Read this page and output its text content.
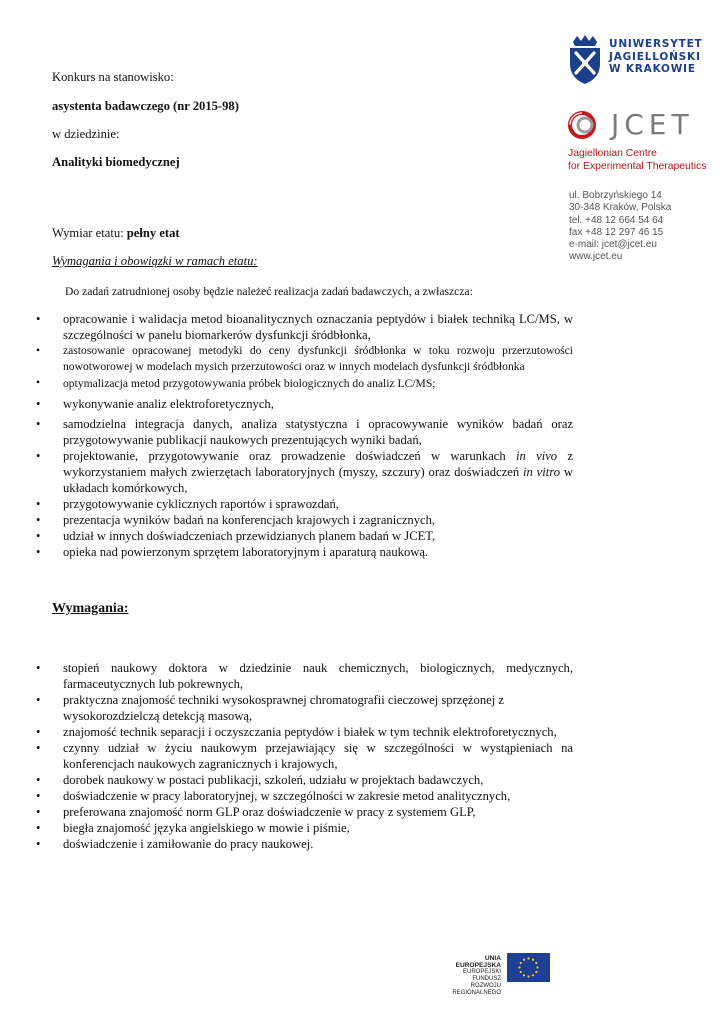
UNIWERSYTET
JAGIELLOŃSKI
W KRAKOWIE
JCET
Jagiellonian Centre
for Experimental Therapeutics
ul. Bobrzyńskiego 14
30-348 Kraków, Polska
tel. +48 12 664 54 64
fax +48 12 297 46 15
e-mail: jcet@jcet.eu
www.jcet.eu
Konkurs na stanowisko:
asystenta badawczego (nr 2015-98)
w dziedzinie:
Analityki biomedycznej
Wymiar etatu: pełny etat
Wymagania i obowiązki w ramach etatu:
Do zadań zatrudnionej osoby będzie należeć realizacja zadań badawczych, a zwłaszcza:
• opracowanie i walidacja metod bioanalitycznych oznaczania peptydów i białek techniką LC/MS, w szczególności w panelu biomarkerów dysfunkcji śródbłonka,
• zastosowanie opracowanej metodyki do ceny dysfunkcji śródbłonka w toku rozwoju przerzutowości nowotworowej w modelach mysich przerzutowości oraz w innych modelach dysfunkcji śródbłonka
• optymalizacja metod przygotowywania próbek biologicznych do analiz LC/MS;
• wykonywanie analiz elektroforetycznych,
• samodzielna integracja danych, analiza statystyczna i opracowywanie wyników badań oraz przygotowywanie publikacji naukowych prezentujących wyniki badań,
• projektowanie, przygotowywanie oraz prowadzenie doświadczeń w warunkach in vivo z wykorzystaniem małych zwierzętach laboratoryjnych (myszy, szczury) oraz doświadczeń in vitro w układach komórkowych,
• przygotowywanie cyklicznych raportów i sprawozdań,
• prezentacja wyników badań na konferencjach krajowych i zagranicznych,
• udział w innych doświadczeniach przewidzianych planem badań w JCET,
• opieka nad powierzonym sprzętem laboratoryjnym i aparaturą naukową.
Wymagania:
• stopień naukowy doktora w dziedzinie nauk chemicznych, biologicznych, medycznych, farmaceutycznych lub pokrewnych,
• praktyczna znajomość techniki wysokosprawnej chromatografii cieczowej sprzężonej z wysokorozdzielczą detekcją masową,
• znajomość technik separacji i oczyszczania peptydów i białek w tym technik elektroforetycznych,
• czynny udział w życiu naukowym przejawiający się w szczególności w wystąpieniach na konferencjach naukowych zagranicznych i krajowych,
• dorobek naukowy w postaci publikacji, szkoleń, udziału w projektach badawczych,
• doświadczenie w pracy laboratoryjnej, w szczególności w zakresie metod analitycznych,
• preferowana znajomość norm GLP oraz doświadczenie w pracy z systemem GLP,
• biegła znajomość języka angielskiego w mowie i piśmie,
• doświadczenie i zamiłowanie do pracy naukowej.
UNIA EUROPEJSKA
EUROPEJSKI FUNDUSZ
ROZWOJU REGIONALNEGO
